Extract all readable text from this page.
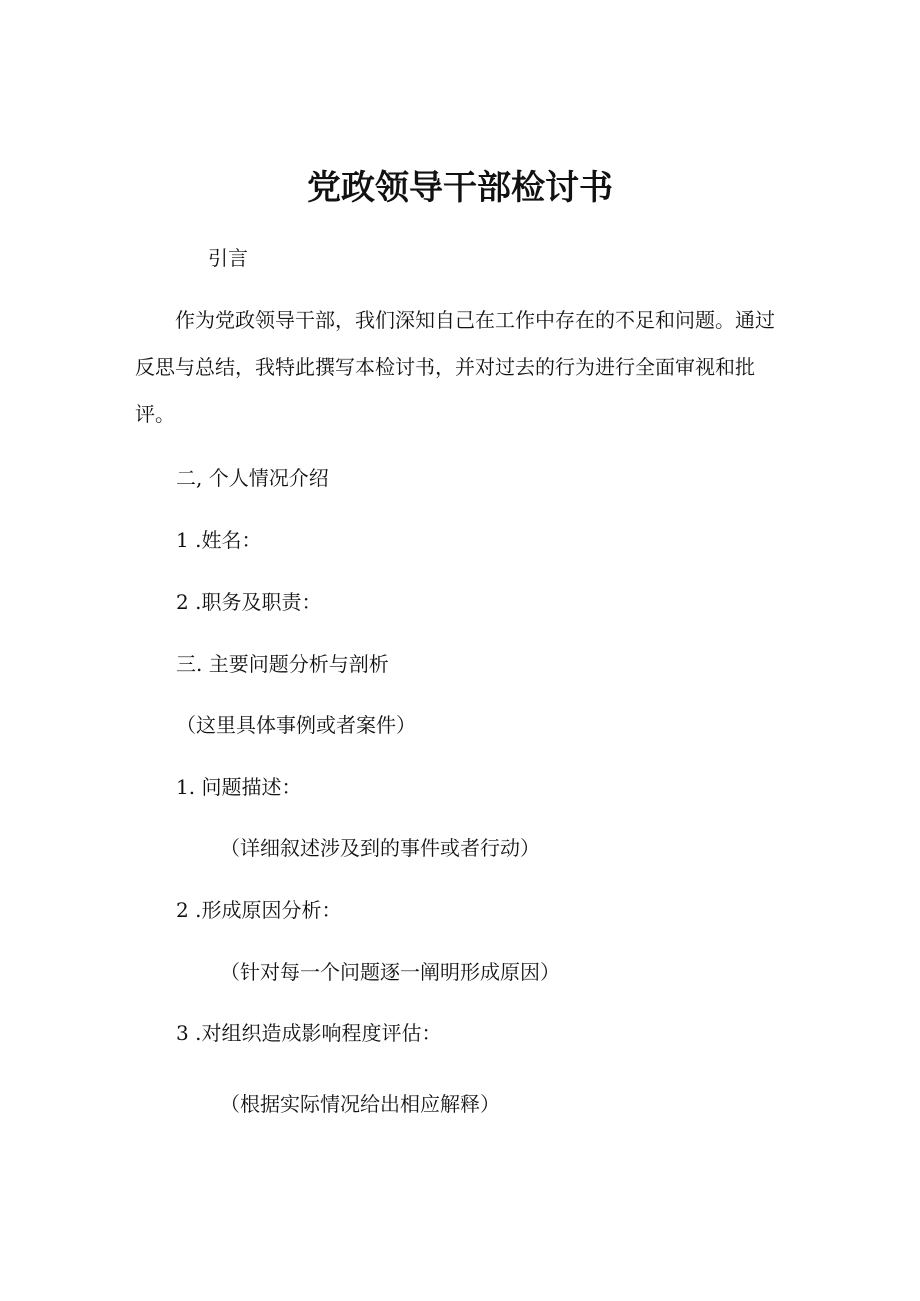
党政领导干部检讨书
引言
作为党政领导干部，我们深知自己在工作中存在的不足和问题。通过反思与总结，我特此撰写本检讨书，并对过去的行为进行全面审视和批评。
二, 个人情况介绍
1 .姓名：
2 .职务及职责：
三. 主要问题分析与剖析
（这里具体事例或者案件）
1. 问题描述：
（详细叙述涉及到的事件或者行动）
2 .形成原因分析：
（针对每一个问题逐一阐明形成原因）
3 .对组织造成影响程度评估：
（根据实际情况给出相应解释）
